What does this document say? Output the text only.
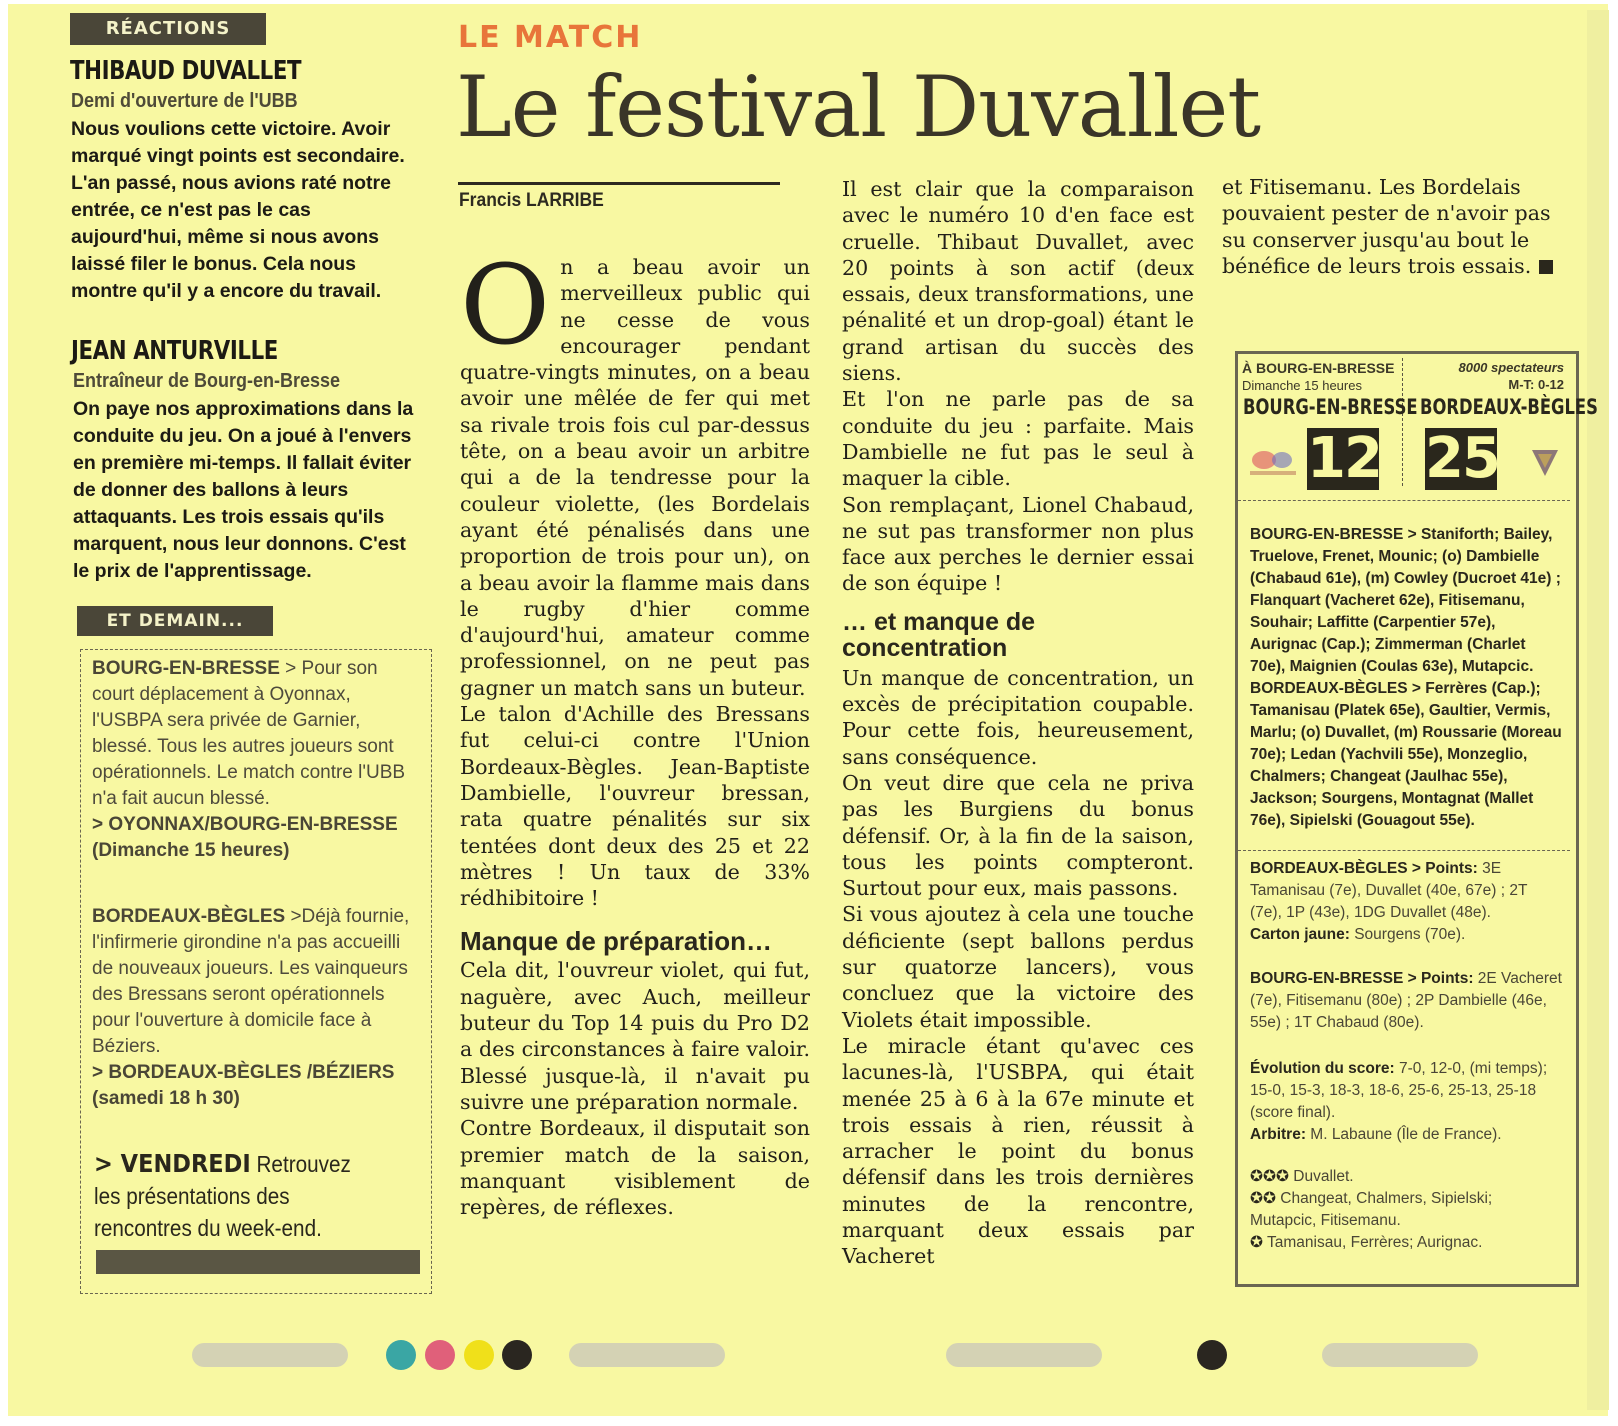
RÉACTIONS
THIBAUD DUVALLET
Demi d'ouverture de l'UBB
Nous voulions cette victoire. Avoir marqué vingt points est secondaire. L'an passé, nous avions raté notre entrée, ce n'est pas le cas aujourd'hui, même si nous avons laissé filer le bonus. Cela nous montre qu'il y a encore du travail.
JEAN ANTURVILLE
Entraîneur de Bourg-en-Bresse
On paye nos approximations dans la conduite du jeu. On a joué à l'envers en première mi-temps. Il fallait éviter de donner des ballons à leurs attaquants. Les trois essais qu'ils marquent, nous leur donnons. C'est le prix de l'apprentissage.
ET DEMAIN...
BOURG-EN-BRESSE > Pour son court déplacement à Oyonnax, l'USBPA sera privée de Garnier, blessé. Tous les autres joueurs sont opérationnels. Le match contre l'UBB n'a fait aucun blessé.
> OYONNAX/BOURG-EN-BRESSE (Dimanche 15 heures)
BORDEAUX-BÈGLES >Déjà fournie, l'infirmerie girondine n'a pas accueilli de nouveaux joueurs. Les vainqueurs des Bressans seront opérationnels pour l'ouverture à domicile face à Béziers.
> BORDEAUX-BÈGLES /BÉZIERS (samedi 18 h 30)
> VENDREDI Retrouvez les présentations des rencontres du week-end.
LE MATCH
Le festival Duvallet
Francis LARRIBE

On a beau avoir un merveilleux public qui ne cesse de vous encourager pendant quatre-vingts minutes, on a beau avoir une mêlée de fer qui met sa rivale trois fois cul par-dessus tête, on a beau avoir un arbitre qui a de la tendresse pour la couleur violette, (les Bordelais ayant été pénalisés dans une proportion de trois pour un), on a beau avoir la flamme mais dans le rugby d'hier comme d'aujourd'hui, amateur comme professionnel, on ne peut pas gagner un match sans un buteur.

Le talon d'Achille des Bressans fut celui-ci contre l'Union Bordeaux-Bègles. Jean-Baptiste Dambielle, l'ouvreur bressan, rata quatre pénalités sur six tentées dont deux des 25 et 22 mètres ! Un taux de 33% rédhibitoire !

Manque de préparation…

Cela dit, l'ouvreur violet, qui fut, naguère, avec Auch, meilleur buteur du Top 14 puis du Pro D2 a des circonstances à faire valoir. Blessé jusque-là, il n'avait pu suivre une préparation normale.

Contre Bordeaux, il disputait son premier match de la saison, manquant visiblement de repères, de réflexes.

Il est clair que la comparaison avec le numéro 10 d'en face est cruelle. Thibaut Duvallet, avec 20 points à son actif (deux essais, deux transformations, une pénalité et un drop-goal) étant le grand artisan du succès des siens.

Et l'on ne parle pas de sa conduite du jeu : parfaite. Mais Dambielle ne fut pas le seul à maquer la cible.

Son remplaçant, Lionel Chabaud, ne sut pas transformer non plus face aux perches le dernier essai de son équipe !

… et manque de concentration

Un manque de concentration, un excès de précipitation coupable. Pour cette fois, heureusement, sans conséquence.

On veut dire que cela ne priva pas les Burgiens du bonus défensif. Or, à la fin de la saison, tous les points compteront. Surtout pour eux, mais passons.

Si vous ajoutez à cela une touche déficiente (sept ballons perdus sur quatorze lancers), vous concluez que la victoire des Violets était impossible.

Le miracle étant qu'avec ces lacunes-là, l'USBPA, qui était menée 25 à 6 à la 67e minute et trois essais à rien, réussit à arracher le point du bonus défensif dans les trois dernières minutes de la rencontre, marquant deux essais par Vacheret

et Fitisemanu. Les Bordelais pouvaient pester de n'avoir pas su conserver jusqu'au bout le bénéfice de leurs trois essais.

À BOURG-EN-BRESSE
Dimanche 15 heures
8000 spectateurs
M-T: 0-12
BOURG-EN-BRESSE BORDEAUX-BÈGLES
12 25
BOURG-EN-BRESSE > Staniforth; Bailey, Truelove, Frenet, Mounic; (o) Dambielle (Chabaud 61e), (m) Cowley (Ducroet 41e) ; Flanquart (Vacheret 62e), Fitisemanu, Souhair; Laffitte (Carpentier 57e), Aurignac (Cap.); Zimmerman (Charlet 70e), Maignien (Coulas 63e), Mutapcic. BORDEAUX-BÈGLES > Ferrères (Cap.); Tamanisau (Platek 65e), Gaultier, Vermis, Marlu; (o) Duvallet, (m) Roussarie (Moreau 70e); Ledan (Yachvili 55e), Monzeglio, Chalmers; Changeat (Jaulhac 55e), Jackson; Sourgens, Montagnat (Mallet 76e), Sipielski (Gouagout 55e).
BORDEAUX-BÈGLES > Points: 3E Tamanisau (7e), Duvallet (40e, 67e) ; 2T (7e), 1P (43e), 1DG Duvallet (48e).
Carton jaune: Sourgens (70e).
BOURG-EN-BRESSE > Points: 2E Vacheret (7e), Fitisemanu (80e) ; 2P Dambielle (46e, 55e) ; 1T Chabaud (80e).
Évolution du score: 7-0, 12-0, (mi temps); 15-0, 15-3, 18-3, 18-6, 25-6, 25-13, 25-18 (score final).
Arbitre: M. Labaune (Île de France).
✪✪✪ Duvallet.
✪✪ Changeat, Chalmers, Sipielski; Mutapcic, Fitisemanu.
✪ Tamanisau, Ferrères; Aurignac.
